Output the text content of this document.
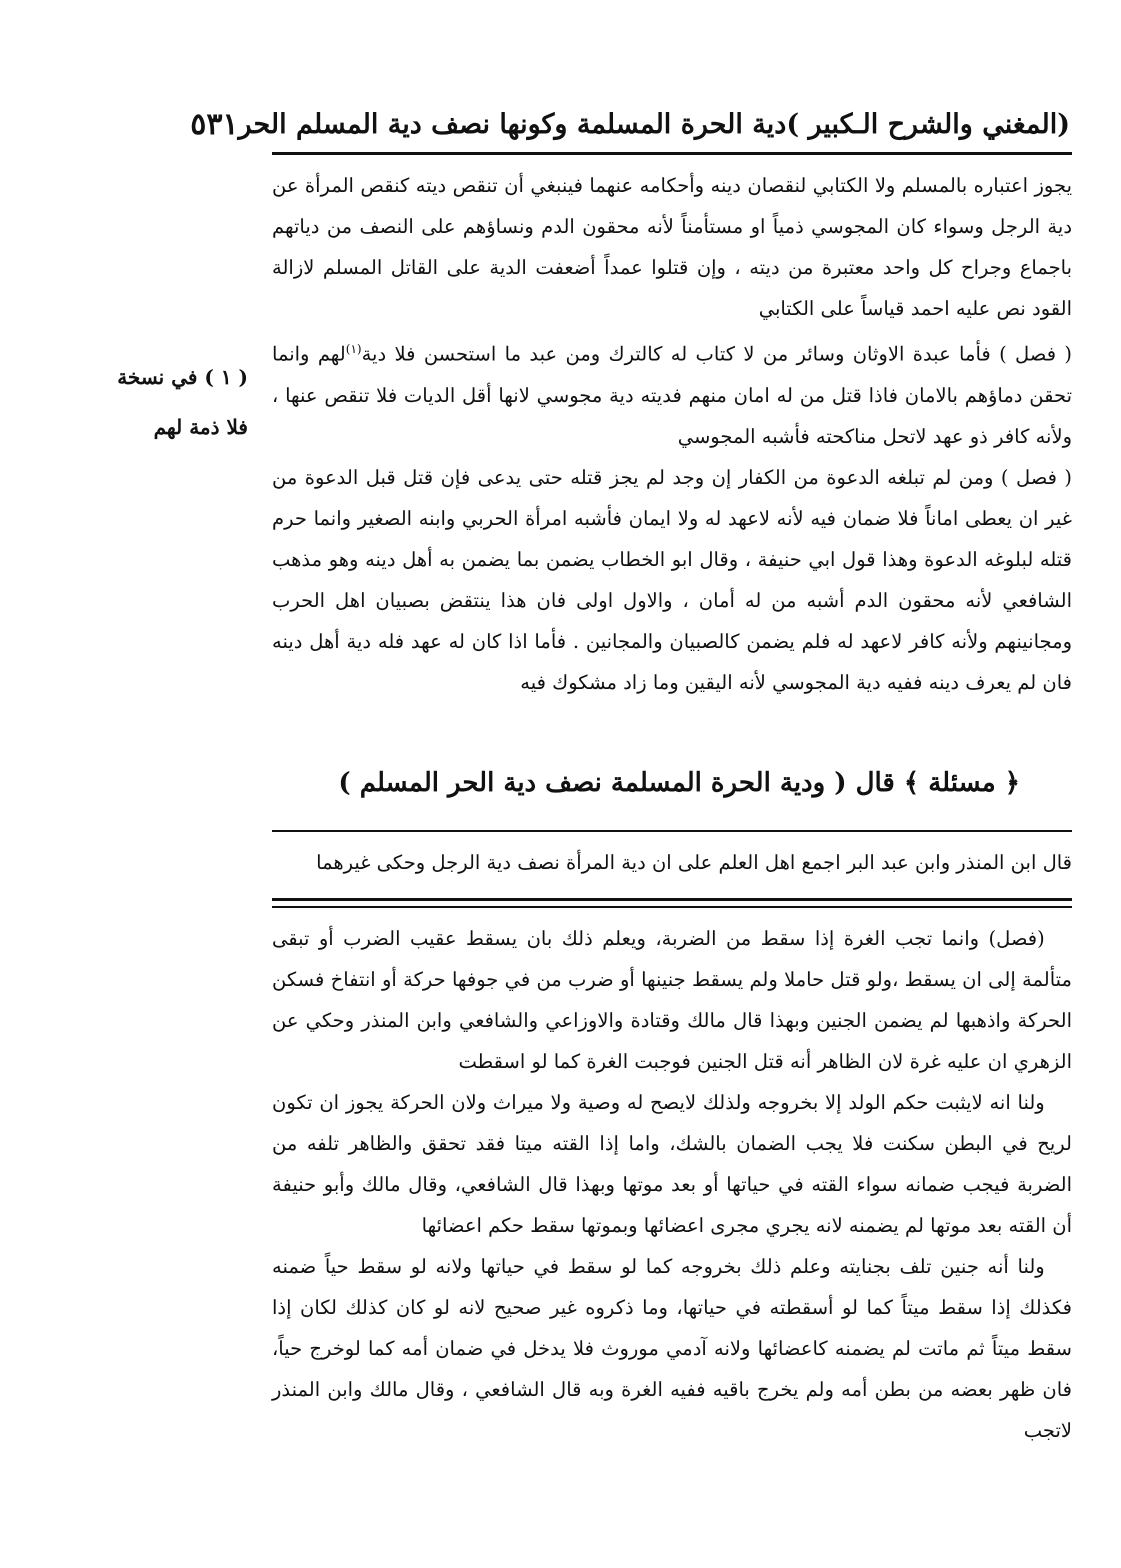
(المغني والشرح الـكبير )
دية الحرة المسلمة وكونها نصف دية المسلم الحر
٥٣١
( ١ ) في نسخة
فلا ذمة لهم

يجوز اعتباره بالمسلم ولا الكتابي لنقصان دينه وأحكامه عنهما فينبغي أن تنقص ديته كنقص المرأة عن دية الرجل وسواء كان المجوسي ذمياً او مستأمناً لأنه محقون الدم ونساؤهم على النصف من دياتهم باجماع وجراح كل واحد معتبرة من ديته ، وإن قتلوا عمداً أضعفت الدية على القاتل المسلم لازالة القود نص عليه احمد قياساً على الكتابي

( فصل ) فأما عبدة الاوثان وسائر من لا كتاب له كالترك ومن عبد ما استحسن فلا دية$^{(١)}$لهم وانما تحقن دماؤهم بالامان فاذا قتل من له امان منهم فديته دية مجوسي لانها أقل الديات فلا تنقص عنها ، ولأنه كافر ذو عهد لاتحل مناكحته فأشبه المجوسي

( فصل ) ومن لم تبلغه الدعوة من الكفار إن وجد لم يجز قتله حتى يدعى فإن قتل قبل الدعوة من غير ان يعطى اماناً فلا ضمان فيه لأنه لاعهد له ولا ايمان فأشبه امرأة الحربي وابنه الصغير وانما حرم قتله لبلوغه الدعوة وهذا قول ابي حنيفة ، وقال ابو الخطاب يضمن بما يضمن به أهل دينه وهو مذهب الشافعي لأنه محقون الدم أشبه من له أمان ، والاول اولى فان هذا ينتقض بصبيان اهل الحرب ومجانينهم ولأنه كافر لاعهد له فلم يضمن كالصبيان والمجانين . فأما اذا كان له عهد فله دية أهل دينه فان لم يعرف دينه ففيه دية المجوسي لأنه اليقين وما زاد مشكوك فيه

﴿ مسئلة ﴾ قال ( ودية الحرة المسلمة نصف دية الحر المسلم )

قال ابن المنذر وابن عبد البر اجمع اهل العلم على ان دية المرأة نصف دية الرجل وحكى غيرهما

(فصل) وانما تجب الغرة إذا سقط من الضربة، ويعلم ذلك بان يسقط عقيب الضرب أو تبقى متألمة إلى ان يسقط ،ولو قتل حاملا ولم يسقط جنينها أو ضرب من في جوفها حركة أو انتفاخ فسكن الحركة واذهبها لم يضمن الجنين وبهذا قال مالك وقتادة والاوزاعي والشافعي وابن المنذر وحكي عن الزهري ان عليه غرة لان الظاهر أنه قتل الجنين فوجبت الغرة كما لو اسقطت

ولنا انه لايثبت حكم الولد إلا بخروجه ولذلك لايصح له وصية ولا ميراث ولان الحركة يجوز ان تكون لريح في البطن سكنت فلا يجب الضمان بالشك، واما إذا القته ميتا فقد تحقق والظاهر تلفه من الضربة فيجب ضمانه سواء القته في حياتها أو بعد موتها وبهذا قال الشافعي، وقال مالك وأبو حنيفة أن القته بعد موتها لم يضمنه لانه يجري مجرى اعضائها وبموتها سقط حكم اعضائها

ولنا أنه جنين تلف بجنايته وعلم ذلك بخروجه كما لو سقط في حياتها ولانه لو سقط حياً ضمنه فكذلك إذا سقط ميتاً كما لو أسقطته في حياتها، وما ذكروه غير صحيح لانه لو كان كذلك لكان إذا سقط ميتاً ثم ماتت لم يضمنه كاعضائها ولانه آدمي موروث فلا يدخل في ضمان أمه كما لوخرج حياً، فان ظهر بعضه من بطن أمه ولم يخرج باقيه ففيه الغرة وبه قال الشافعي ، وقال مالك وابن المنذر لاتجب
